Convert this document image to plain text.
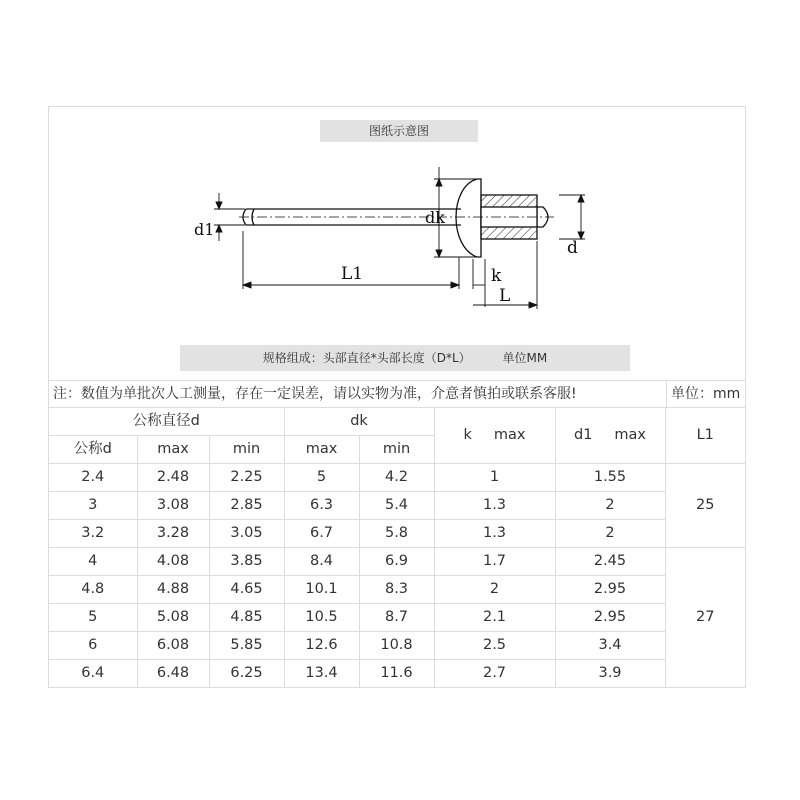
图纸示意图
d1
dk
L1	k
L
d
规格组成：头部直径*头部长度（D*L）	单位MM
注：数值为单批次人工测量，存在一定误差，请以实物为准，介意者慎拍或联系客服!	单位：mm
公称直径d			dk		k max	d1 max	L1
公称d	max	min	max	min			
2.4	2.48	2.25	5	4.2	1	1.55	25
3	3.08	2.85	6.3	5.4	1.3	2	
3.2	3.28	3.05	6.7	5.8	1.3	2	
4	4.08	3.85	8.4	6.9	1.7	2.45	27
4.8	4.88	4.65	10.1	8.3	2	2.95	
5	5.08	4.85	10.5	8.7	2.1	2.95	
6	6.08	5.85	12.6	10.8	2.5	3.4	
6.4	6.48	6.25	13.4	11.6	2.7	3.9	
